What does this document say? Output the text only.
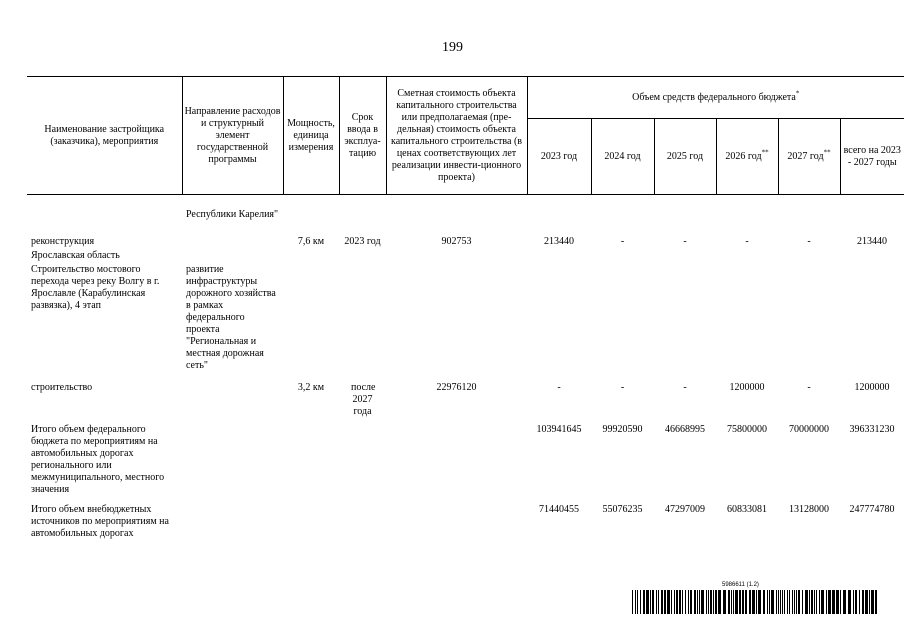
199
Наименование застройщика (заказчика), мероприятия	Направление расходов и структурный элемент государственной программы	Мощность, единица измерения	Срок ввода в эксплуа-тацию	Сметная стоимость объекта капитального строительства или предполагаемая (пре-дельная) стоимость объекта капитального строительства (в ценах соответствующих лет реализации инвести-ционного проекта)	Объем средств федерального бюджета*
					2023 год	2024 год	2025 год	2026 год**	2027 год**	всего на 2023 - 2027 годы
	Республики Карелия"									
реконструкция		7,6 км	2023 год	902753	213440	-	-	-	-	213440
Ярославская область										
Строительство мостового перехода через реку Волгу в г. Ярославле (Карабулинская развязка), 4 этап	развитие инфраструктуры дорожного хозяйства в рамках федерального проекта "Региональная и местная дорожная сеть"									
строительство		3,2 км	после 2027 года	22976120	-	-	-	1200000	-	1200000
Итого объем федерального бюджета по мероприятиям на автомобильных дорогах регионального или межмуниципального, местного значения					103941645	99920590	46668995	75800000	70000000	396331230
Итого объем внебюджетных источников по мероприятиям на автомобильных дорогах					71440455	55076235	47297009	60833081	13128000	247774780
5986611 (1.2)
